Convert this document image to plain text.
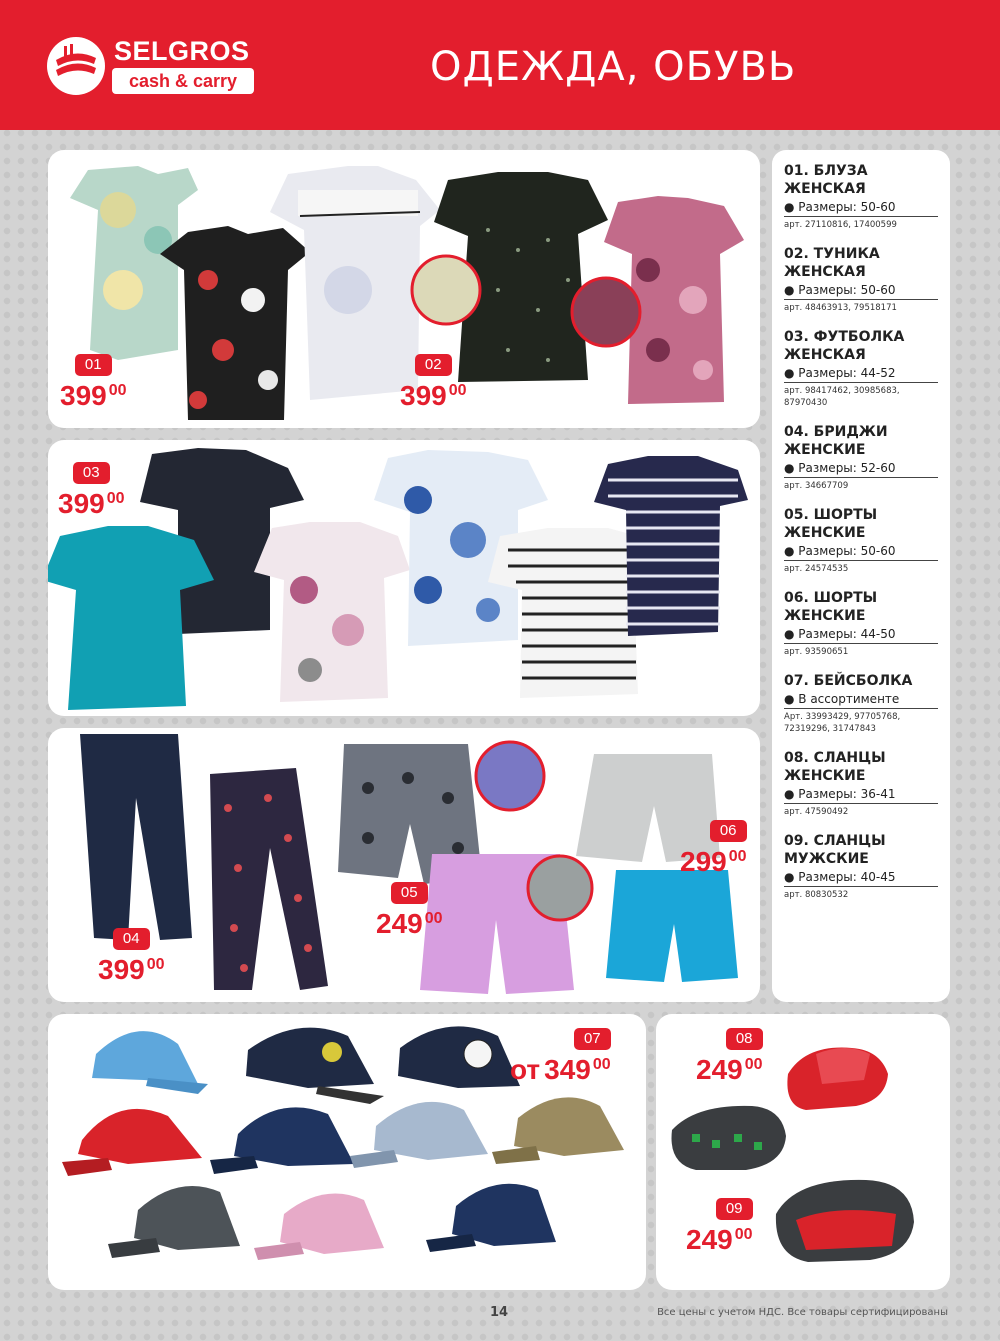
SELGROS
cash & carry	ОДЕЖДА, ОБУВЬ
01
399 $^{00}$
02
399 $^{00}$
03
399 $^{00}$
04
399 $^{00}$
05
249 $^{00}$
06
299 $^{00}$
07
от 349 $^{00}$
08
249 $^{00}$
09
249 $^{00}$
01. БЛУЗА
ЖЕНСКАЯ
● Размеры: 50-60
арт. 27110816, 17400599
02. ТУНИКА
ЖЕНСКАЯ
● Размеры: 50-60
арт. 48463913, 79518171
03. ФУТБОЛКА
ЖЕНСКАЯ
● Размеры: 44-52
арт. 98417462, 30985683,
87970430
04. БРИДЖИ
ЖЕНСКИЕ
● Размеры: 52-60
арт. 34667709
05. ШОРТЫ
ЖЕНСКИЕ
● Размеры: 50-60
арт. 24574535
06. ШОРТЫ
ЖЕНСКИЕ
● Размеры: 44-50
арт. 93590651
07. БЕЙСБОЛКА
● В ассортименте
Арт. 33993429, 97705768,
72319296, 31747843
08. СЛАНЦЫ
ЖЕНСКИЕ
● Размеры: 36-41
арт. 47590492
09. СЛАНЦЫ
МУЖСКИЕ
● Размеры: 40-45
арт. 80830532
14	Все цены с учетом НДС. Все товары сертифицированы
